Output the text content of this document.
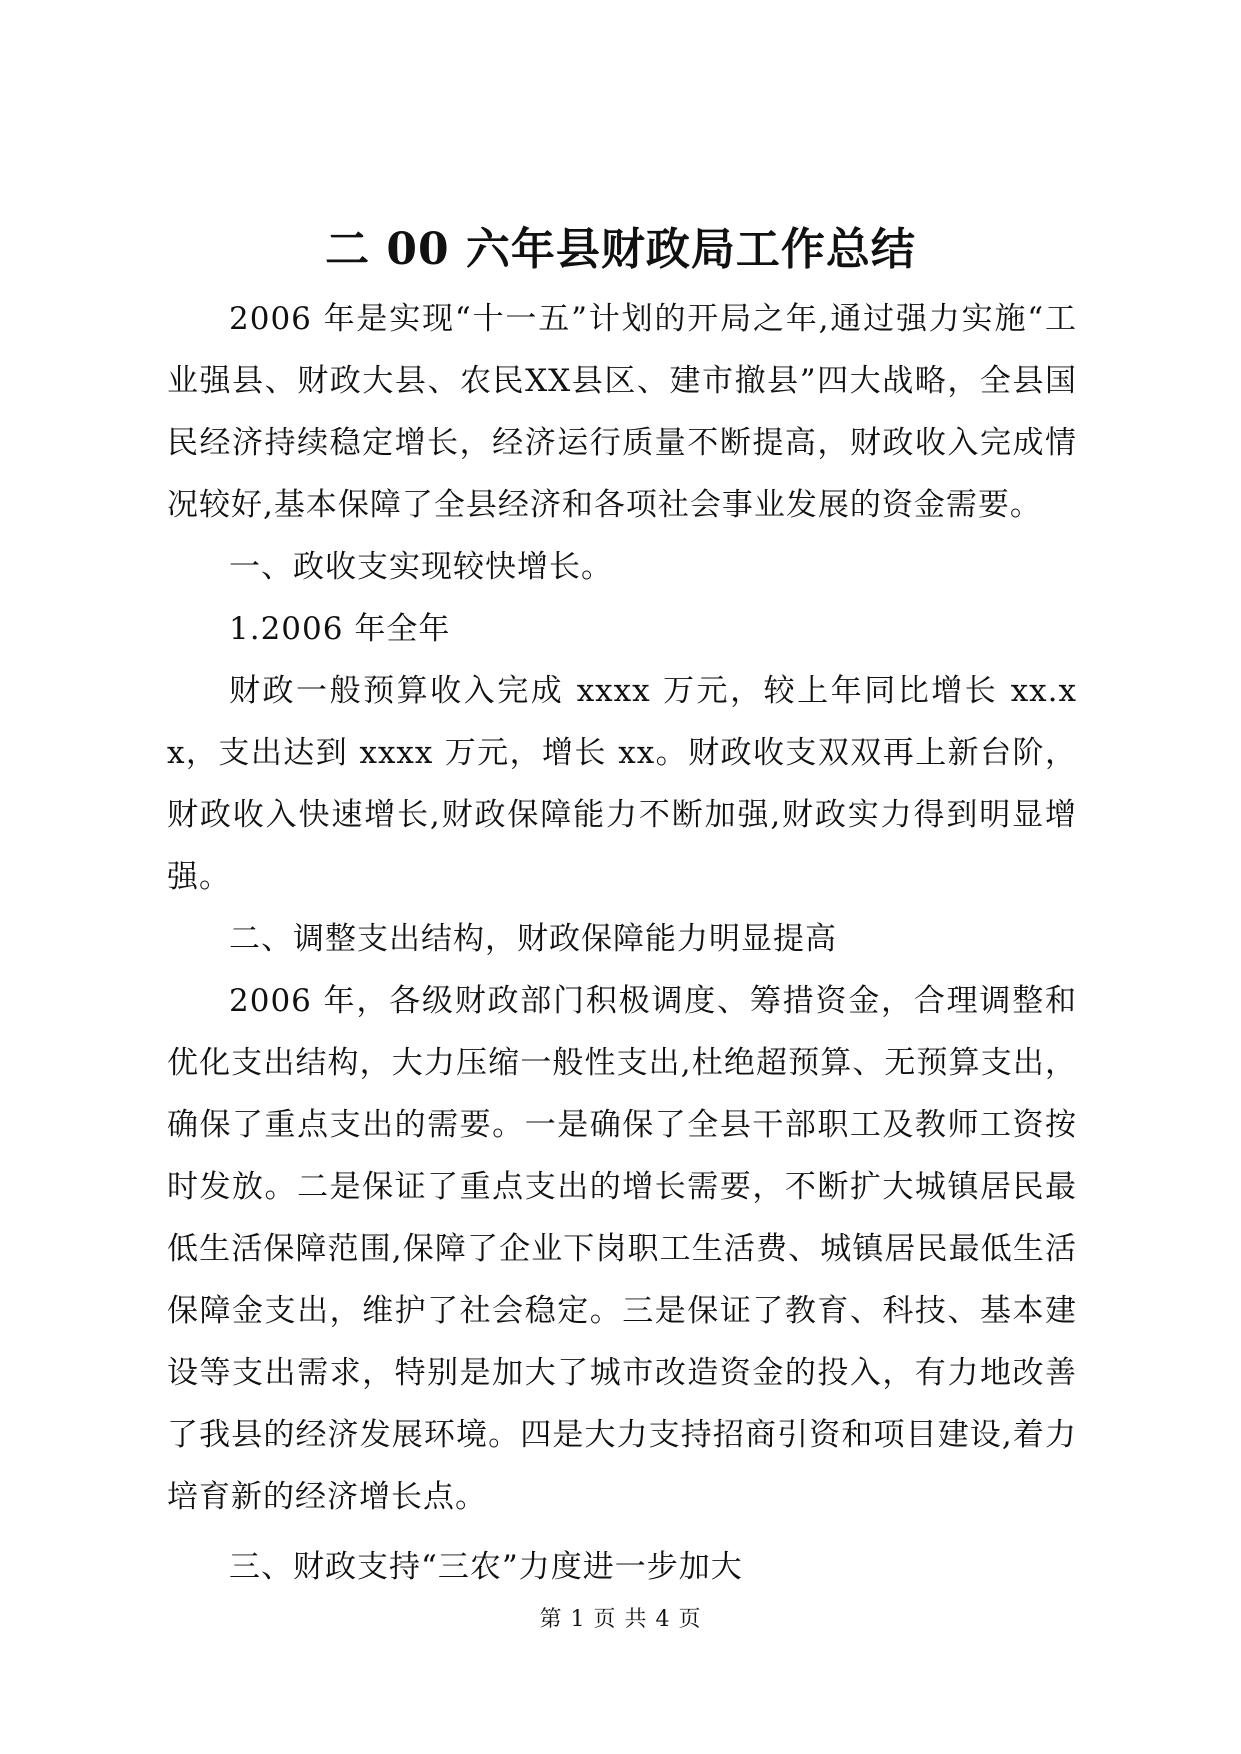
二 00 六年县财政局工作总结

2006 年是实现“十一五”计划的开局之年,通过强力实施“工业强县、财政大县、农民XX县区、建市撤县”四大战略，全县国民经济持续稳定增长，经济运行质量不断提高，财政收入完成情况较好,基本保障了全县经济和各项社会事业发展的资金需要。

一、政收支实现较快增长。

1.2006 年全年

财政一般预算收入完成 xxxx 万元，较上年同比增长 xx.xx，支出达到 xxxx 万元，增长 xx。财政收支双双再上新台阶，财政收入快速增长,财政保障能力不断加强,财政实力得到明显增强。

二、调整支出结构，财政保障能力明显提高

2006 年，各级财政部门积极调度、筹措资金，合理调整和优化支出结构，大力压缩一般性支出,杜绝超预算、无预算支出，确保了重点支出的需要。一是确保了全县干部职工及教师工资按时发放。二是保证了重点支出的增长需要，不断扩大城镇居民最低生活保障范围,保障了企业下岗职工生活费、城镇居民最低生活保障金支出，维护了社会稳定。三是保证了教育、科技、基本建设等支出需求，特别是加大了城市改造资金的投入，有力地改善了我县的经济发展环境。四是大力支持招商引资和项目建设,着力培育新的经济增长点。

三、财政支持“三农”力度进一步加大

第 1 页 共 4 页
